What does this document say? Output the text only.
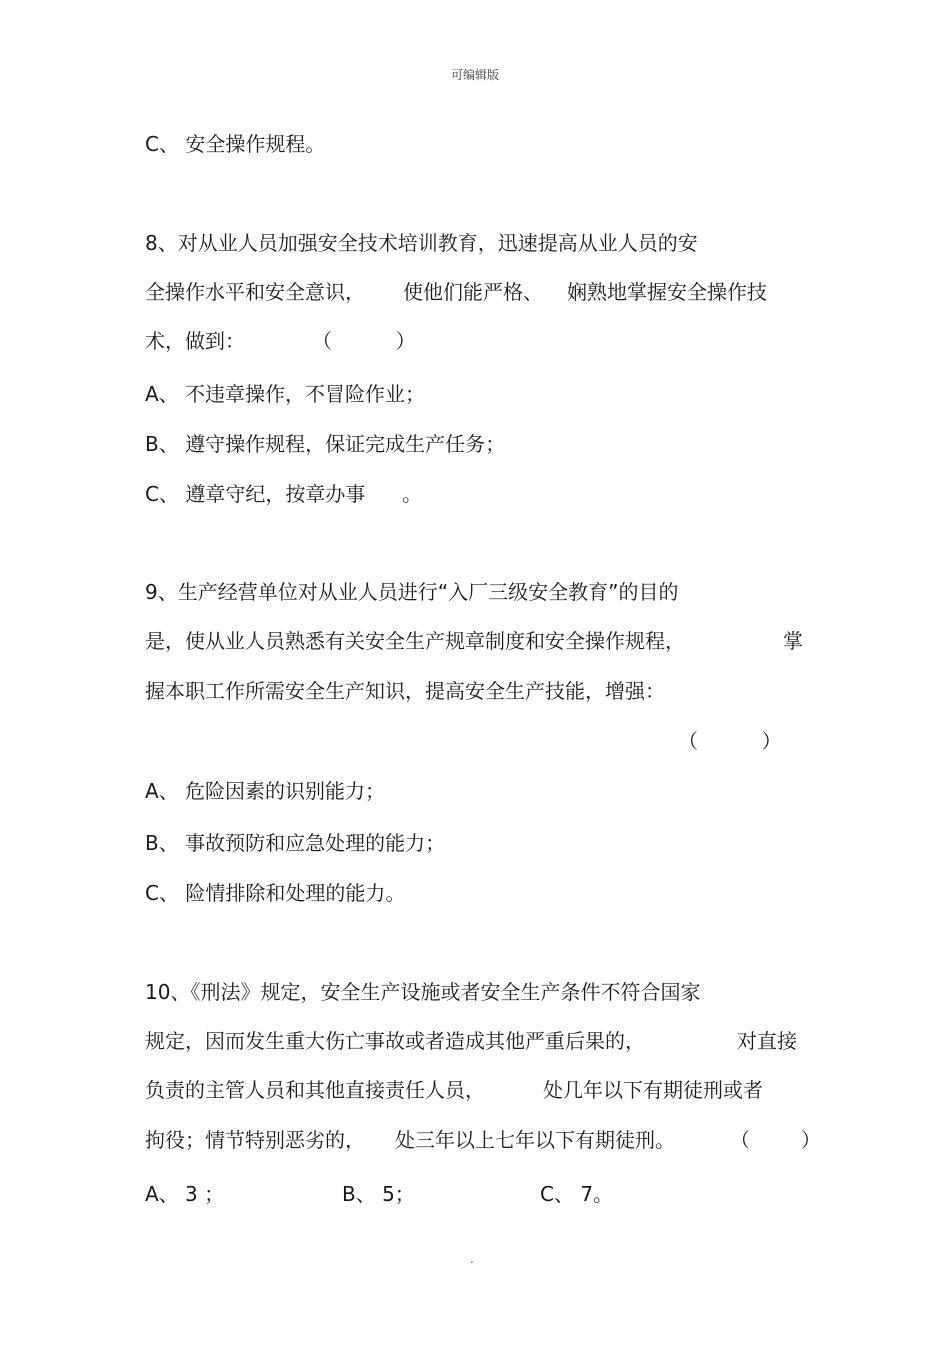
可编辑版
C、 安全操作规程。
8、对从业人员加强安全技术培训教育，迅速提高从业人员的安
全操作水平和安全意识， 使他们能严格、 娴熟地掌握安全操作技
术，做到：	（          ）
A、 不违章操作，不冒险作业；
B、 遵守操作规程，保证完成生产任务；
C、 遵章守纪，按章办事 。
9、生产经营单位对从业人员进行“入厂三级安全教育”的目的
是，使从业人员熟悉有关安全生产规章制度和安全操作规程，	掌
握本职工作所需安全生产知识，提高安全生产技能，增强：
（          ）
A、 危险因素的识别能力；
B、 事故预防和应急处理的能力；
C、 险情排除和处理的能力。
10、《刑法》规定，安全生产设施或者安全生产条件不符合国家
规定，因而发生重大伤亡事故或者造成其他严重后果的，	对直接
负责的主管人员和其他直接责任人员，	处几年以下有期徒刑或者
拘役；情节特别恶劣的， 处三年以上七年以下有期徒刑。	（        ）
A、 3 ；	B、 5；	C、 7。
.
